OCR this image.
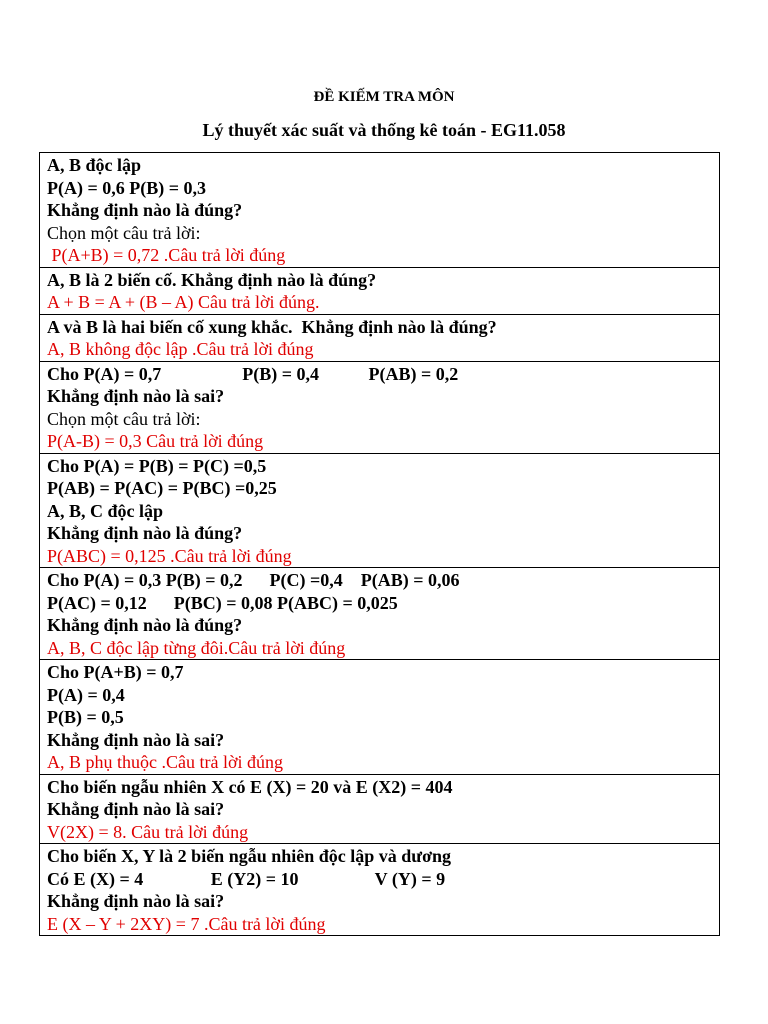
ĐỀ KIẾM TRA MÔN
Lý thuyết xác suất và thống kê toán - EG11.058
A, B độc lập
P(A) = 0,6 P(B) = 0,3
Khẳng định nào là đúng?
Chọn một câu trả lời:
P(A+B) = 0,72 .Câu trả lời đúng

A, B là 2 biến cố. Khẳng định nào là đúng?
A + B = A + (B – A) Câu trả lời đúng.

A và B là hai biến cố xung khắc.  Khẳng định nào là đúng?
A, B không độc lập .Câu trả lời đúng

Cho P(A) = 0,7                  P(B) = 0,4           P(AB) = 0,2
Khẳng định nào là sai?
Chọn một câu trả lời:
P(A-B) = 0,3 Câu trả lời đúng

Cho P(A) = P(B) = P(C) =0,5
P(AB) = P(AC) = P(BC) =0,25
A, B, C độc lập
Khẳng định nào là đúng?
P(ABC) = 0,125 .Câu trả lời đúng

Cho P(A) = 0,3 P(B) = 0,2      P(C) =0,4    P(AB) = 0,06
P(AC) = 0,12      P(BC) = 0,08 P(ABC) = 0,025
Khẳng định nào là đúng?
A, B, C độc lập từng đôi.Câu trả lời đúng

Cho P(A+B) = 0,7
P(A) = 0,4
P(B) = 0,5
Khẳng định nào là sai?
A, B phụ thuộc .Câu trả lời đúng

Cho biến ngẫu nhiên X có E (X) = 20 và E (X2) = 404
Khẳng định nào là sai?
V(2X) = 8. Câu trả lời đúng

Cho biến X, Y là 2 biến ngẫu nhiên độc lập và dương
Có E (X) = 4               E (Y2) = 10                 V (Y) = 9
Khẳng định nào là sai?
E (X – Y + 2XY) = 7 .Câu trả lời đúng
